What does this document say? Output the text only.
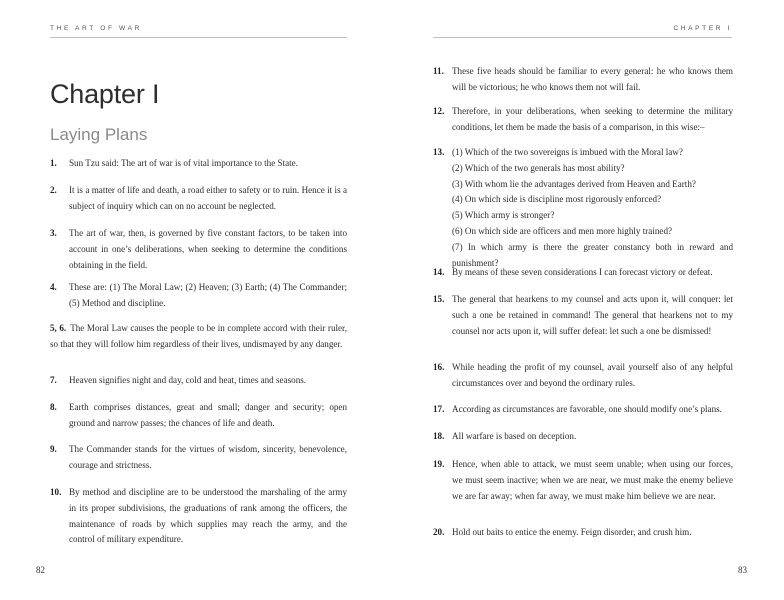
THE ART OF WAR
Chapter I
Laying Plans
1.	Sun Tzu said: The art of war is of vital importance to the State.
2.	It is a matter of life and death, a road either to safety or to ruin. Hence it is a subject of inquiry which can on no account be neglected.
3.	The art of war, then, is governed by five constant factors, to be taken into account in one’s deliberations, when seeking to determine the conditions obtaining in the field.
4.	These are: (1) The Moral Law; (2) Heaven; (3) Earth; (4) The Commander; (5) Method and discipline.
5, 6. The Moral Law causes the people to be in complete accord with their ruler, so that they will follow him regardless of their lives, undismayed by any danger.
7.	Heaven signifies night and day, cold and heat, times and seasons.
8.	Earth comprises distances, great and small; danger and security; open ground and narrow passes; the chances of life and death.
9.	The Commander stands for the virtues of wisdom, sincerity, benevolence, courage and strictness.
10. By method and discipline are to be understood the marshaling of the army in its proper subdivisions, the graduations of rank among the officers, the maintenance of roads by which supplies may reach the army, and the control of military expenditure.
82
CHAPTER I
11. These five heads should be familiar to every general: he who knows them will be victorious; he who knows them not will fail.
12. Therefore, in your deliberations, when seeking to determine the military conditions, let them be made the basis of a comparison, in this wise:–
13. (1) Which of the two sovereigns is imbued with the Moral law?
(2) Which of the two generals has most ability?
(3) With whom lie the advantages derived from Heaven and Earth?
(4) On which side is discipline most rigorously enforced?
(5) Which army is stronger?
(6) On which side are officers and men more highly trained?
(7) In which army is there the greater constancy both in reward and punishment?
14. By means of these seven considerations I can forecast victory or defeat.
15. The general that hearkens to my counsel and acts upon it, will conquer: let such a one be retained in command! The general that hearkens not to my counsel nor acts upon it, will suffer defeat: let such a one be dismissed!
16. While heading the profit of my counsel, avail yourself also of any helpful circumstances over and beyond the ordinary rules.
17. According as circumstances are favorable, one should modify one’s plans.
18. All warfare is based on deception.
19. Hence, when able to attack, we must seem unable; when using our forces, we must seem inactive; when we are near, we must make the enemy believe we are far away; when far away, we must make him believe we are near.
20. Hold out baits to entice the enemy. Feign disorder, and crush him.
83
